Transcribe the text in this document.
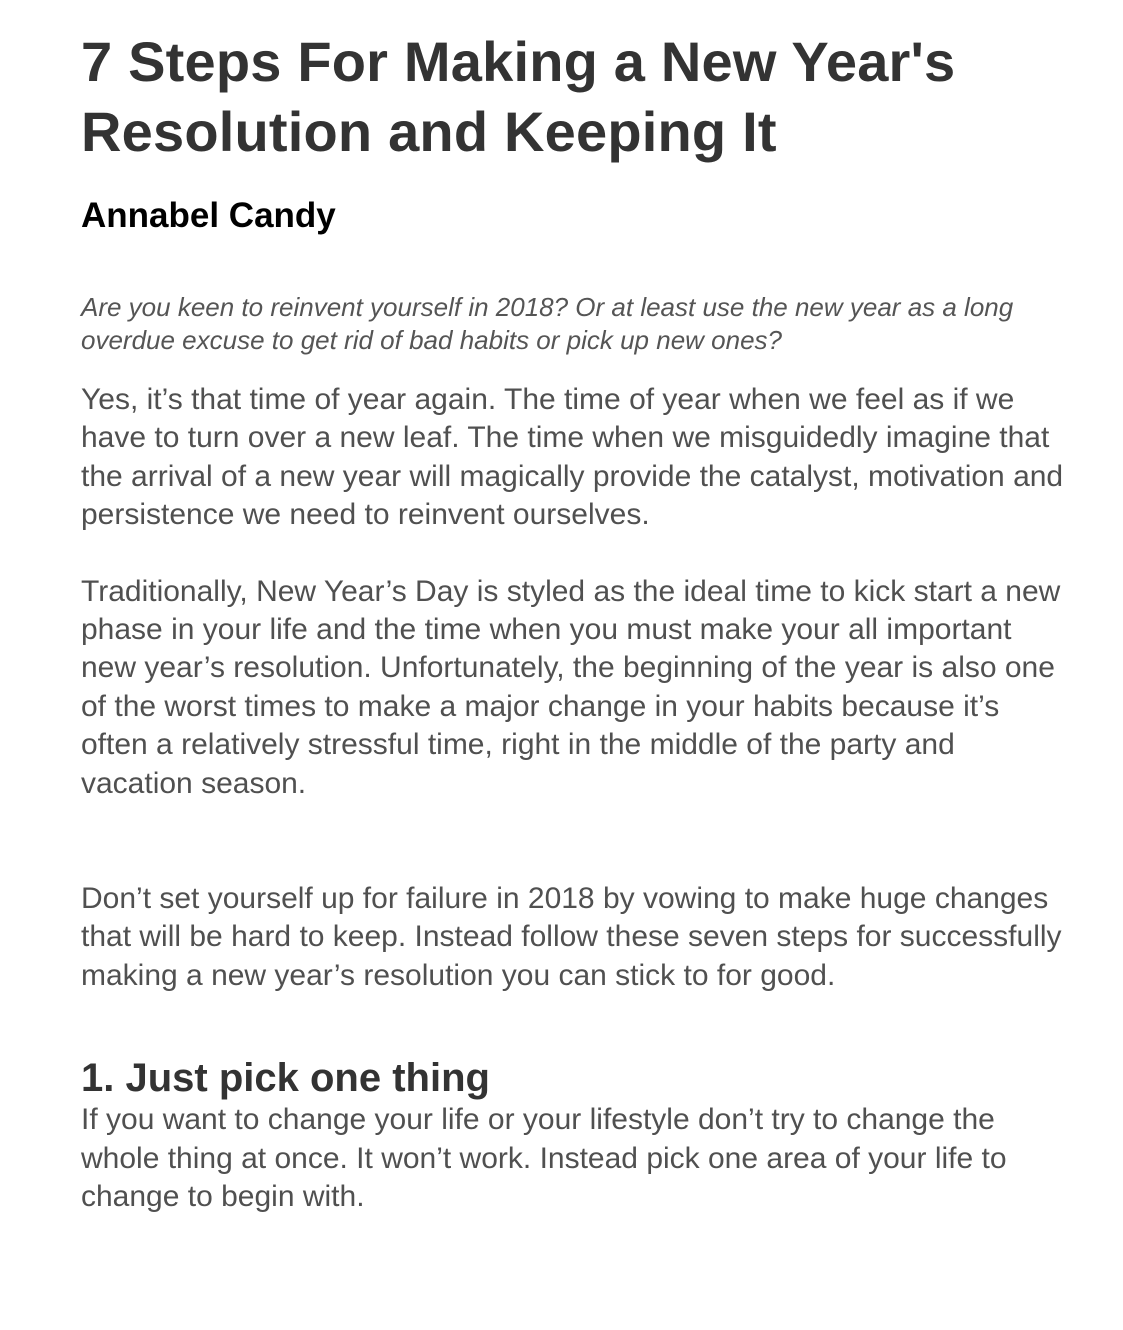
7 Steps For Making a New Year's
Resolution and Keeping It

Annabel Candy

Are you keen to reinvent yourself in 2018? Or at least use the new year as a long overdue excuse to get rid of bad habits or pick up new ones?

Yes, it’s that time of year again. The time of year when we feel as if we have to turn over a new leaf. The time when we misguidedly imagine that the arrival of a new year will magically provide the catalyst, motivation and persistence we need to reinvent ourselves.

Traditionally, New Year’s Day is styled as the ideal time to kick start a new phase in your life and the time when you must make your all important new year’s resolution. Unfortunately, the beginning of the year is also one of the worst times to make a major change in your habits because it’s often a relatively stressful time, right in the middle of the party and vacation season.

Don’t set yourself up for failure in 2018 by vowing to make huge changes that will be hard to keep. Instead follow these seven steps for successfully making a new year’s resolution you can stick to for good.

1. Just pick one thing

If you want to change your life or your lifestyle don’t try to change the whole thing at once. It won’t work. Instead pick one area of your life to change to begin with.
